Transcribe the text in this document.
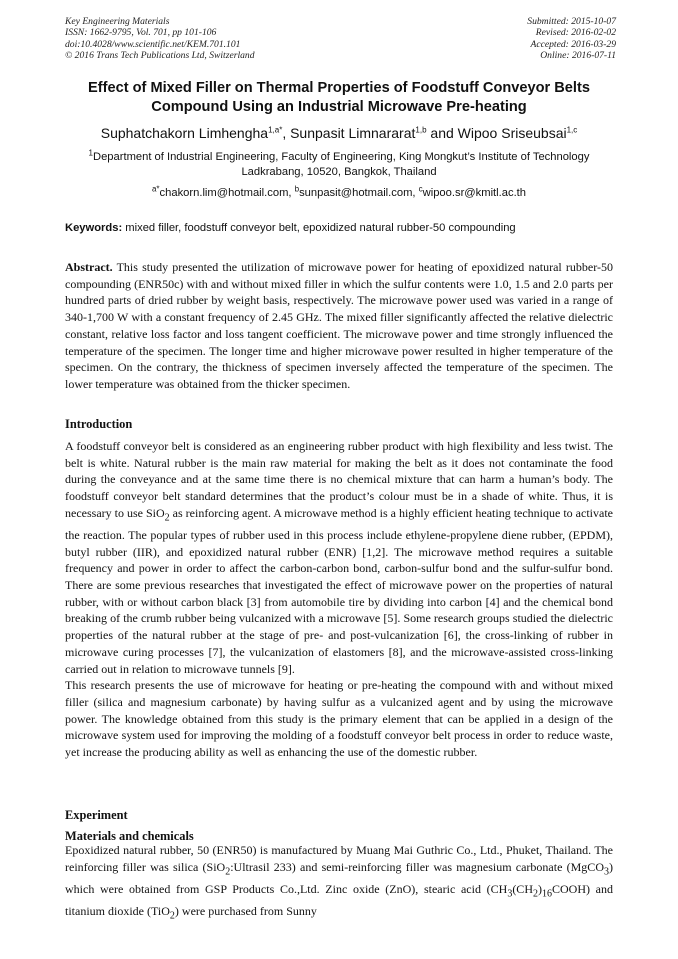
Key Engineering Materials
ISSN: 1662-9795, Vol. 701, pp 101-106
doi:10.4028/www.scientific.net/KEM.701.101
© 2016 Trans Tech Publications Ltd, Switzerland
Submitted: 2015-10-07
Revised: 2016-02-02
Accepted: 2016-03-29
Online: 2016-07-11
Effect of Mixed Filler on Thermal Properties of Foodstuff Conveyor Belts Compound Using an Industrial Microwave Pre-heating
Suphatchakorn Limhengha$^{1,a*}$, Sunpasit Limnararat$^{1,b}$ and Wipoo Sriseubsai$^{1,c}$
$^1$Department of Industrial Engineering, Faculty of Engineering, King Mongkut’s Institute of Technology Ladkrabang, 10520, Bangkok, Thailand
$^{a*}$chakorn.lim@hotmail.com, $^b$sunpasit@hotmail.com, $^c$wipoo.sr@kmitl.ac.th
Keywords: mixed filler, foodstuff conveyor belt, epoxidized natural rubber-50 compounding
Abstract. This study presented the utilization of microwave power for heating of epoxidized natural rubber-50 compounding (ENR50c) with and without mixed filler in which the sulfur contents were 1.0, 1.5 and 2.0 parts per hundred parts of dried rubber by weight basis, respectively. The microwave power used was varied in a range of 340-1,700 W with a constant frequency of 2.45 GHz. The mixed filler significantly affected the relative dielectric constant, relative loss factor and loss tangent coefficient. The microwave power and time strongly influenced the temperature of the specimen. The longer time and higher microwave power resulted in higher temperature of the specimen. On the contrary, the thickness of specimen inversely affected the temperature of the specimen. The lower temperature was obtained from the thicker specimen.
Introduction

A foodstuff conveyor belt is considered as an engineering rubber product with high flexibility and less twist. The belt is white. Natural rubber is the main raw material for making the belt as it does not contaminate the food during the conveyance and at the same time there is no chemical mixture that can harm a human’s body. The foodstuff conveyor belt standard determines that the product’s colour must be in a shade of white. Thus, it is necessary to use SiO$_2$ as reinforcing agent. A microwave method is a highly efficient heating technique to activate the reaction. The popular types of rubber used in this process include ethylene-propylene diene rubber, (EPDM), butyl rubber (IIR), and epoxidized natural rubber (ENR) [1,2]. The microwave method requires a suitable frequency and power in order to affect the carbon-carbon bond, carbon-sulfur bond and the sulfur-sulfur bond. There are some previous researches that investigated the effect of microwave power on the properties of natural rubber, with or without carbon black [3] from automobile tire by dividing into carbon [4] and the chemical bond breaking of the crumb rubber being vulcanized with a microwave [5]. Some research groups studied the dielectric properties of the natural rubber at the stage of pre- and post-vulcanization [6], the cross-linking of rubber in microwave curing processes [7], the vulcanization of elastomers [8], and the microwave-assisted cross-linking carried out in relation to microwave tunnels [9].

This research presents the use of microwave for heating or pre-heating the compound with and without mixed filler (silica and magnesium carbonate) by having sulfur as a vulcanized agent and by using the microwave power. The knowledge obtained from this study is the primary element that can be applied in a design of the microwave system used for improving the molding of a foodstuff conveyor belt process in order to reduce waste, yet increase the producing ability as well as enhancing the use of the domestic rubber.

Experiment
Materials and chemicals
Epoxidized natural rubber, 50 (ENR50) is manufactured by Muang Mai Guthric Co., Ltd., Phuket, Thailand. The reinforcing filler was silica (SiO$_2$:Ultrasil 233) and semi-reinforcing filler was magnesium carbonate (MgCO$_3$) which were obtained from GSP Products Co.,Ltd. Zinc oxide (ZnO), stearic acid $(CH_3(CH_2)_{16}COOH)$ and titanium dioxide (TiO$_2$) were purchased from Sunny
